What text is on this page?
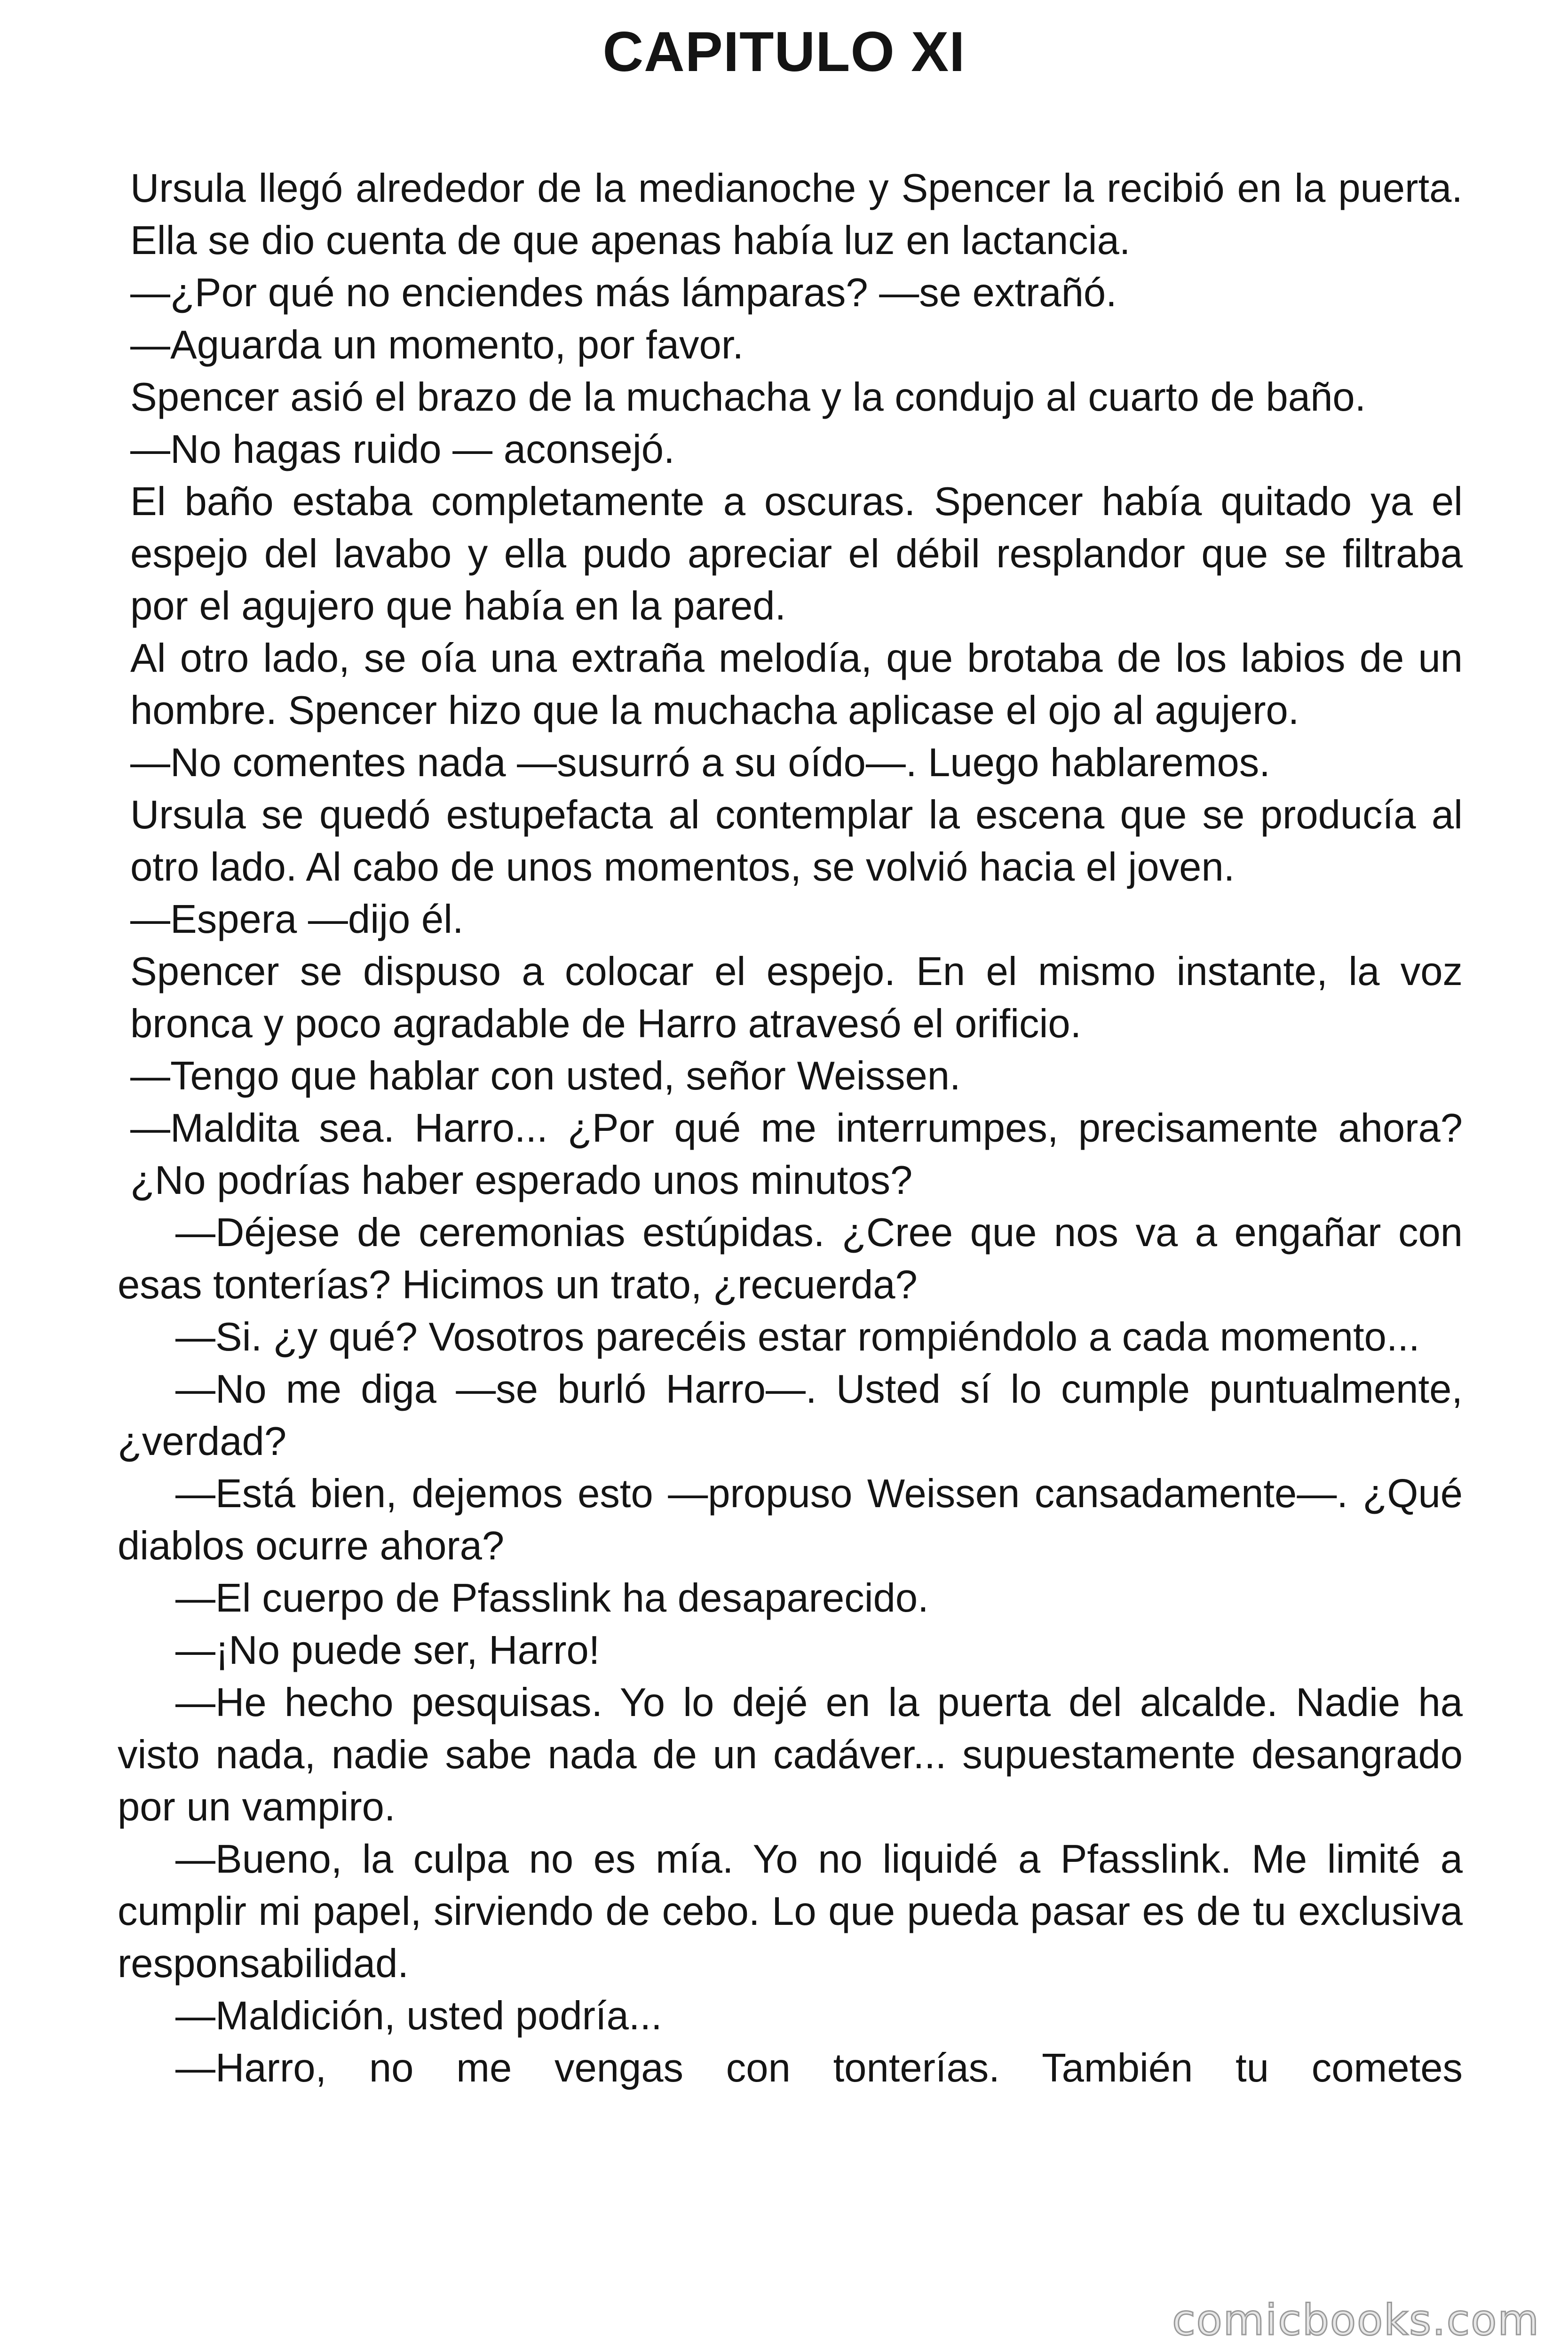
CAPITULO XI

Ursula llegó alrededor de la medianoche y Spencer la recibió en la puerta. Ella se dio cuenta de que apenas había luz en lactancia.

—¿Por qué no enciendes más lámparas? —se extrañó.

—Aguarda un momento, por favor.

Spencer asió el brazo de la muchacha y la condujo al cuarto de baño.

—No hagas ruido — aconsejó.

El baño estaba completamente a oscuras. Spencer había quitado ya el espejo del lavabo y ella pudo apreciar el débil resplandor que se filtraba por el agujero que había en la pared.

Al otro lado, se oía una extraña melodía, que brotaba de los labios de un hombre. Spencer hizo que la muchacha aplicase el ojo al agujero.

—No comentes nada —susurró a su oído—. Luego hablaremos.

Ursula se quedó estupefacta al contemplar la escena que se producía al otro lado. Al cabo de unos momentos, se volvió hacia el joven.

—Espera —dijo él.

Spencer se dispuso a colocar el espejo. En el mismo instante, la voz bronca y poco agradable de Harro atravesó el orificio.

—Tengo que hablar con usted, señor Weissen.

—Maldita sea. Harro... ¿Por qué me interrumpes, precisamente ahora? ¿No podrías haber esperado unos minutos?

—Déjese de ceremonias estúpidas. ¿Cree que nos va a engañar con esas tonterías? Hicimos un trato, ¿recuerda?

—Si. ¿y qué? Vosotros parecéis estar rompiéndolo a cada momento...

—No me diga —se burló Harro—. Usted sí lo cumple puntualmente, ¿verdad?

—Está bien, dejemos esto —propuso Weissen cansadamente—. ¿Qué diablos ocurre ahora?

—El cuerpo de Pfasslink ha desaparecido.

—¡No puede ser, Harro!

—He hecho pesquisas. Yo lo dejé en la puerta del alcalde. Nadie ha visto nada, nadie sabe nada de un cadáver... supuestamente desangrado por un vampiro.

—Bueno, la culpa no es mía. Yo no liquidé a Pfasslink. Me limité a cumplir mi papel, sirviendo de cebo. Lo que pueda pasar es de tu exclusiva responsabilidad.

—Maldición, usted podría...

—Harro, no me vengas con tonterías. También tu cometes

comicbooks.com
